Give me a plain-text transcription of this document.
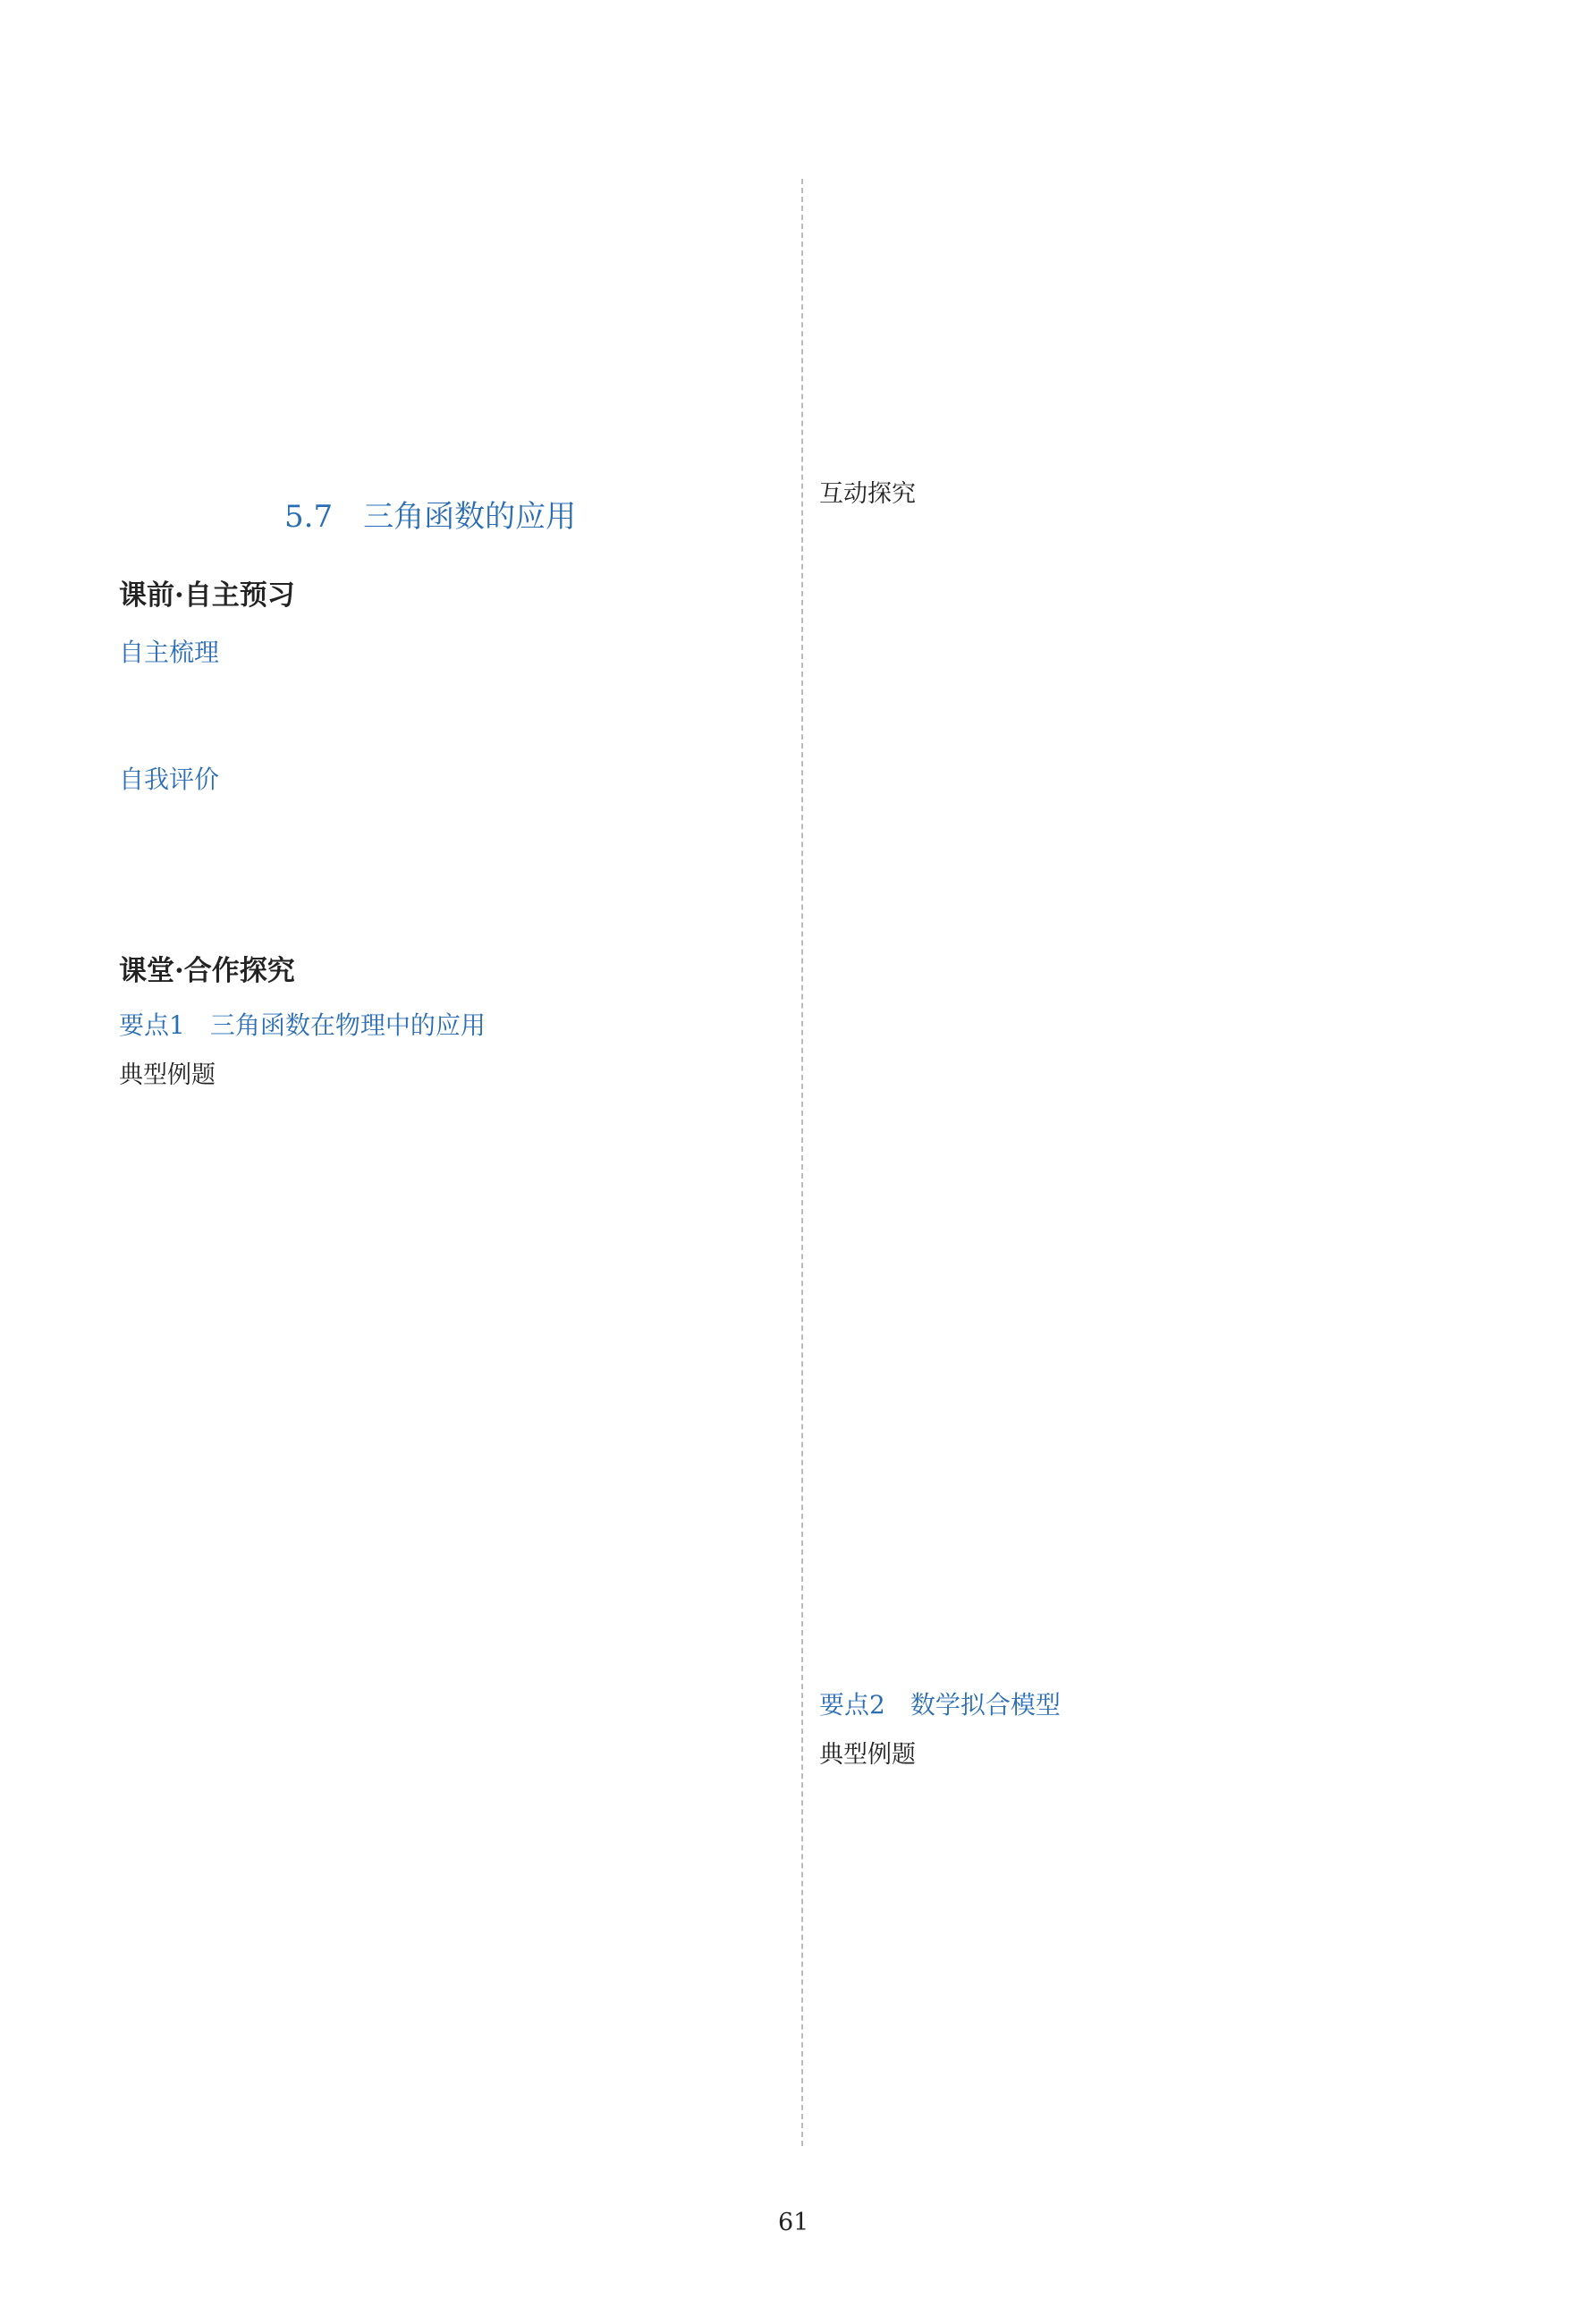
5.7　三角函数的应用
课前·自主预习
自主梳理
自我评价
课堂·合作探究
要点1　三角函数在物理中的应用
典型例题
互动探究
要点2　数学拟合模型
典型例题
61
